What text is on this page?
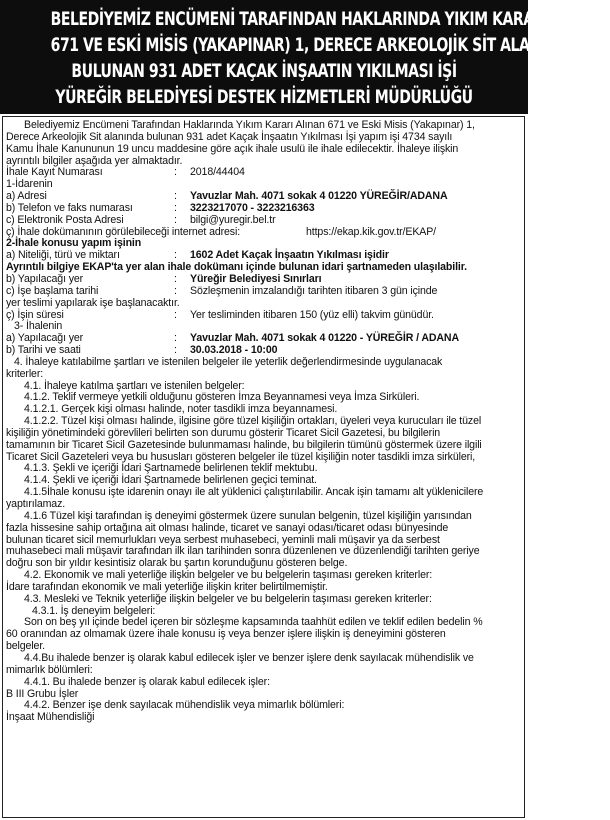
BELEDİYEMİZ ENCÜMENİ TARAFINDAN HAKLARINDA YIKIM KARARI ALINAN
671 VE ESKİ MİSİS (YAKAPINAR) 1, DERECE ARKEOLOJİK SİT ALANINDA
BULUNAN 931 ADET KAÇAK İNŞAATIN YIKILMASI İŞİ
YÜREĞİR BELEDİYESİ DESTEK HİZMETLERİ MÜDÜRLÜĞÜ
Belediyemiz Encümeni Tarafından Haklarında Yıkım Kararı Alınan 671 ve Eski Misis (Yakapınar) 1,
Derece Arkeolojik Sit alanında bulunan 931 adet Kaçak İnşaatın Yıkılması İşi yapım işi 4734 sayılı
Kamu İhale Kanununun 19 uncu maddesine göre açık ihale usulü ile ihale edilecektir. İhaleye ilişkin
ayrıntılı bilgiler aşağıda yer almaktadır.
İhale Kayıt Numarası	:	2018/44404
1-İdarenin
a) Adresi	:	Yavuzlar Mah. 4071 sokak 4 01220 YÜREĞİR/ADANA
b) Telefon ve faks numarası	:	3223217070 - 3223216363
c) Elektronik Posta Adresi	:	bilgi@yuregir.bel.tr
ç) İhale dokümanının görülebileceği internet adresi:	https://ekap.kik.gov.tr/EKAP/
2-İhale konusu yapım işinin
a) Niteliği, türü ve miktarı	:	1602 Adet Kaçak İnşaatın Yıkılması işidir
Ayrıntılı bilgiye EKAP'ta yer alan ihale dokümanı içinde bulunan idari şartnameden ulaşılabilir.
b) Yapılacağı yer	:	Yüreğir Belediyesi Sınırları
c) İşe başlama tarihi	:	Sözleşmenin imzalandığı tarihten itibaren 3 gün içinde
yer teslimi yapılarak işe başlanacaktır.
ç) İşin süresi	:	Yer tesliminden itibaren 150 (yüz elli) takvim günüdür.
3- İhalenin
a) Yapılacağı yer	:	Yavuzlar Mah. 4071 sokak 4 01220 - YÜREĞİR / ADANA
b) Tarihi ve saati	:	30.03.2018 - 10:00
4. İhaleye katılabilme şartları ve istenilen belgeler ile yeterlik değerlendirmesinde uygulanacak
kriterler:
4.1. İhaleye katılma şartları ve istenilen belgeler:
4.1.2. Teklif vermeye yetkili olduğunu gösteren İmza Beyannamesi veya İmza Sirküleri.
4.1.2.1. Gerçek kişi olması halinde, noter tasdikli imza beyannamesi.
4.1.2.2. Tüzel kişi olması halinde, ilgisine göre tüzel kişiliğin ortakları, üyeleri veya kurucuları ile tüzel
kişiliğin yönetimindeki görevlileri belirten son durumu gösterir Ticaret Sicil Gazetesi, bu bilgilerin
tamamının bir Ticaret Sicil Gazetesinde bulunmaması halinde, bu bilgilerin tümünü göstermek üzere ilgili
Ticaret Sicil Gazeteleri veya bu hususları gösteren belgeler ile tüzel kişiliğin noter tasdikli imza sirküleri,
4.1.3. Şekli ve içeriği İdari Şartnamede belirlenen teklif mektubu.
4.1.4. Şekli ve içeriği İdari Şartnamede belirlenen geçici teminat.
4.1.5İhale konusu işte idarenin onayı ile alt yüklenici çalıştırılabilir. Ancak işin tamamı alt yüklenicilere
yaptırılamaz.
4.1.6 Tüzel kişi tarafından iş deneyimi göstermek üzere sunulan belgenin, tüzel kişiliğin yarısından
fazla hissesine sahip ortağına ait olması halinde, ticaret ve sanayi odası/ticaret odası bünyesinde
bulunan ticaret sicil memurlukları veya serbest muhasebeci, yeminli mali müşavir ya da serbest
muhasebeci mali müşavir tarafından ilk ilan tarihinden sonra düzenlenen ve düzenlendiği tarihten geriye
doğru son bir yıldır kesintisiz olarak bu şartın korunduğunu gösteren belge.
4.2. Ekonomik ve mali yeterliğe ilişkin belgeler ve bu belgelerin taşıması gereken kriterler:
İdare tarafından ekonomik ve mali yeterliğe ilişkin kriter belirtilmemiştir.
4.3. Mesleki ve Teknik yeterliğe ilişkin belgeler ve bu belgelerin taşıması gereken kriterler:
4.3.1. İş deneyim belgeleri:
Son on beş yıl içinde bedel içeren bir sözleşme kapsamında taahhüt edilen ve teklif edilen bedelin %
60 oranından az olmamak üzere ihale konusu iş veya benzer işlere ilişkin iş deneyimini gösteren
belgeler.
4.4.Bu ihalede benzer iş olarak kabul edilecek işler ve benzer işlere denk sayılacak mühendislik ve
mimarlık bölümleri:
4.4.1. Bu ihalede benzer iş olarak kabul edilecek işler:
B III Grubu İşler
4.4.2. Benzer işe denk sayılacak mühendislik veya mimarlık bölümleri:
İnşaat Mühendisliği
